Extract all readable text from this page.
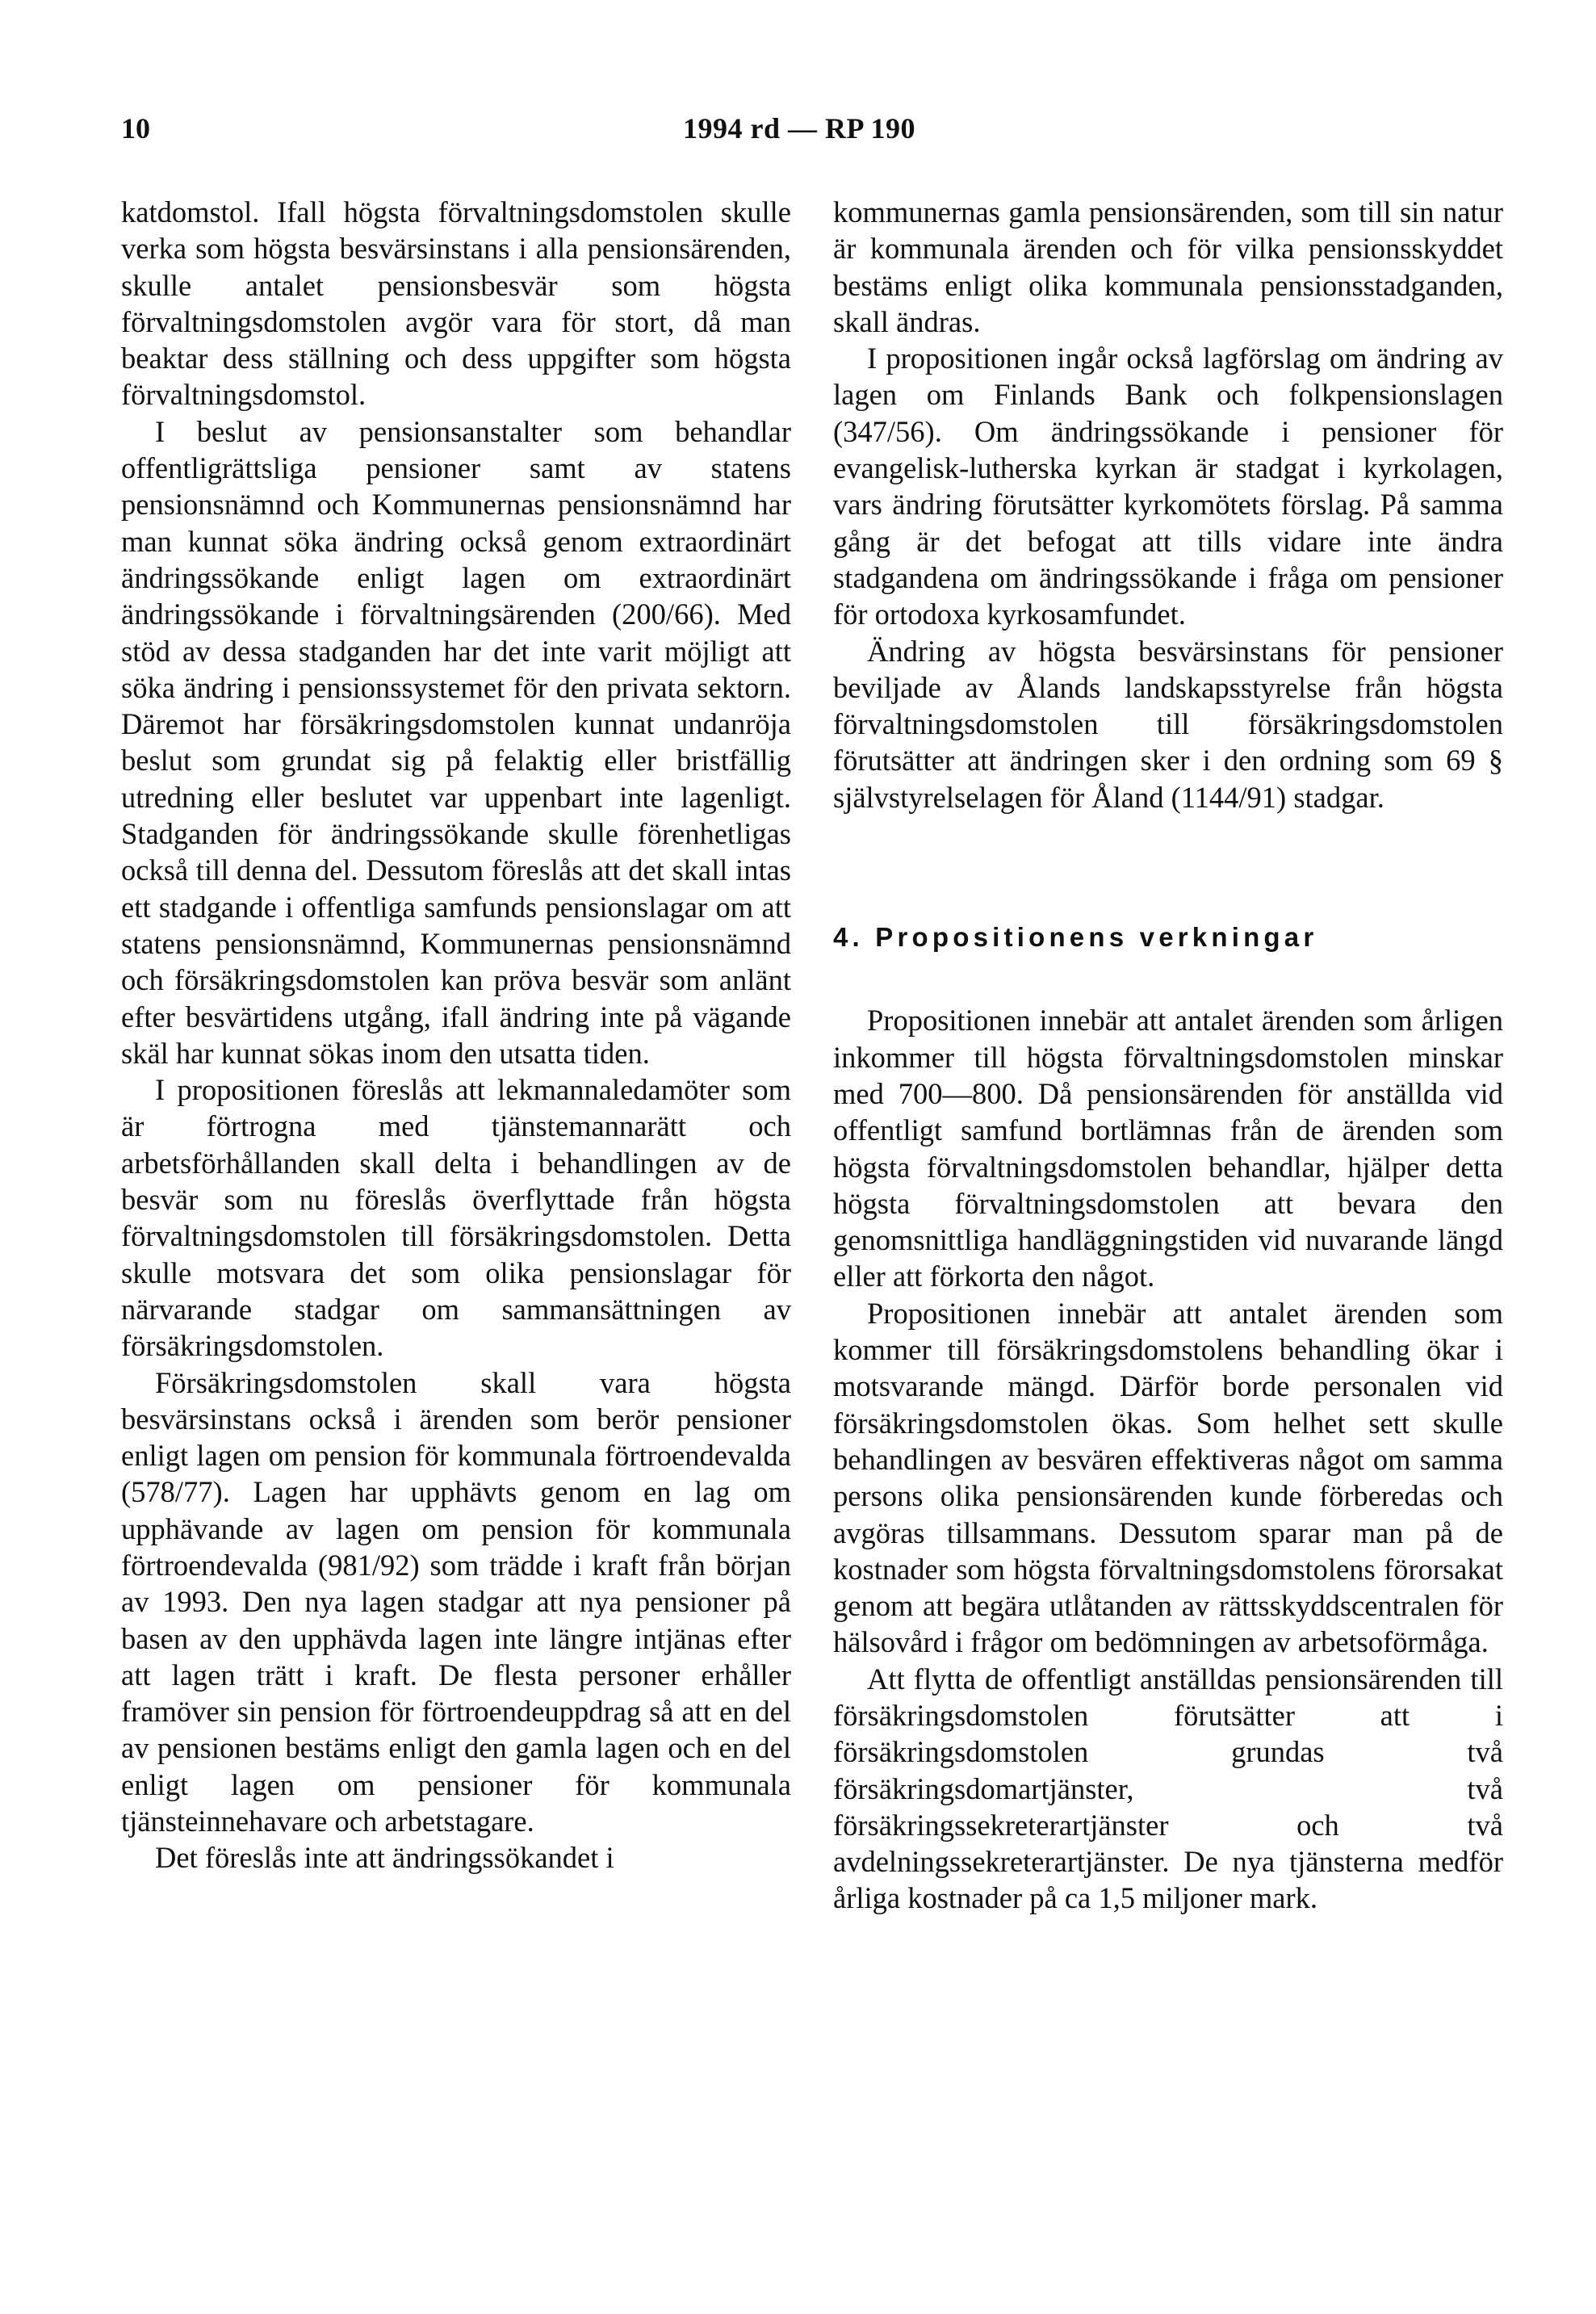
10	1994 rd — RP 190

katdomstol. Ifall högsta förvaltningsdomstolen skulle verka som högsta besvärsinstans i alla pensionsärenden, skulle antalet pensionsbesvär som högsta förvaltningsdomstolen avgör vara för stort, då man beaktar dess ställning och dess uppgifter som högsta förvaltningsdomstol.

I beslut av pensionsanstalter som behandlar offentligrättsliga pensioner samt av statens pensionsnämnd och Kommunernas pensionsnämnd har man kunnat söka ändring också genom extraordinärt ändringssökande enligt lagen om extraordinärt ändringssökande i förvaltningsärenden (200/66). Med stöd av dessa stadganden har det inte varit möjligt att söka ändring i pensionssystemet för den privata sektorn. Däremot har försäkringsdomstolen kunnat undanröja beslut som grundat sig på felaktig eller bristfällig utredning eller beslutet var uppenbart inte lagenligt. Stadganden för ändringssökande skulle förenhetligas också till denna del. Dessutom föreslås att det skall intas ett stadgande i offentliga samfunds pensionslagar om att statens pensionsnämnd, Kommunernas pensionsnämnd och försäkringsdomstolen kan pröva besvär som anlänt efter besvärtidens utgång, ifall ändring inte på vägande skäl har kunnat sökas inom den utsatta tiden.

I propositionen föreslås att lekmannaledamöter som är förtrogna med tjänstemannarätt och arbetsförhållanden skall delta i behandlingen av de besvär som nu föreslås överflyttade från högsta förvaltningsdomstolen till försäkringsdomstolen. Detta skulle motsvara det som olika pensionslagar för närvarande stadgar om sammansättningen av försäkringsdomstolen.

Försäkringsdomstolen skall vara högsta besvärsinstans också i ärenden som berör pensioner enligt lagen om pension för kommunala förtroendevalda (578/77). Lagen har upphävts genom en lag om upphävande av lagen om pension för kommunala förtroendevalda (981/92) som trädde i kraft från början av 1993. Den nya lagen stadgar att nya pensioner på basen av den upphävda lagen inte längre intjänas efter att lagen trätt i kraft. De flesta personer erhåller framöver sin pension för förtroendeuppdrag så att en del av pensionen bestäms enligt den gamla lagen och en del enligt lagen om pensioner för kommunala tjänsteinnehavare och arbetstagare.

Det föreslås inte att ändringssökandet i

kommunernas gamla pensionsärenden, som till sin natur är kommunala ärenden och för vilka pensionsskyddet bestäms enligt olika kommunala pensionsstadganden, skall ändras.

I propositionen ingår också lagförslag om ändring av lagen om Finlands Bank och folkpensionslagen (347/56). Om ändringssökande i pensioner för evangelisk-lutherska kyrkan är stadgat i kyrkolagen, vars ändring förutsätter kyrkomötets förslag. På samma gång är det befogat att tills vidare inte ändra stadgandena om ändringssökande i fråga om pensioner för ortodoxa kyrkosamfundet.

Ändring av högsta besvärsinstans för pensioner beviljade av Ålands landskapsstyrelse från högsta förvaltningsdomstolen till försäkringsdomstolen förutsätter att ändringen sker i den ordning som 69 § självstyrelselagen för Åland (1144/91) stadgar.

4. Propositionens verkningar

Propositionen innebär att antalet ärenden som årligen inkommer till högsta förvaltningsdomstolen minskar med 700—800. Då pensionsärenden för anställda vid offentligt samfund bortlämnas från de ärenden som högsta förvaltningsdomstolen behandlar, hjälper detta högsta förvaltningsdomstolen att bevara den genomsnittliga handläggningstiden vid nuvarande längd eller att förkorta den något.

Propositionen innebär att antalet ärenden som kommer till försäkringsdomstolens behandling ökar i motsvarande mängd. Därför borde personalen vid försäkringsdomstolen ökas. Som helhet sett skulle behandlingen av besvären effektiveras något om samma persons olika pensionsärenden kunde förberedas och avgöras tillsammans. Dessutom sparar man på de kostnader som högsta förvaltningsdomstolens förorsakat genom att begära utlåtanden av rättsskyddscentralen för hälsovård i frågor om bedömningen av arbetsoförmåga.

Att flytta de offentligt anställdas pensionsärenden till försäkringsdomstolen förutsätter att i försäkringsdomstolen grundas två försäkringsdomartjänster, två försäkringssekreterartjänster och två avdelningssekreterartjänster. De nya tjänsterna medför årliga kostnader på ca 1,5 miljoner mark.
